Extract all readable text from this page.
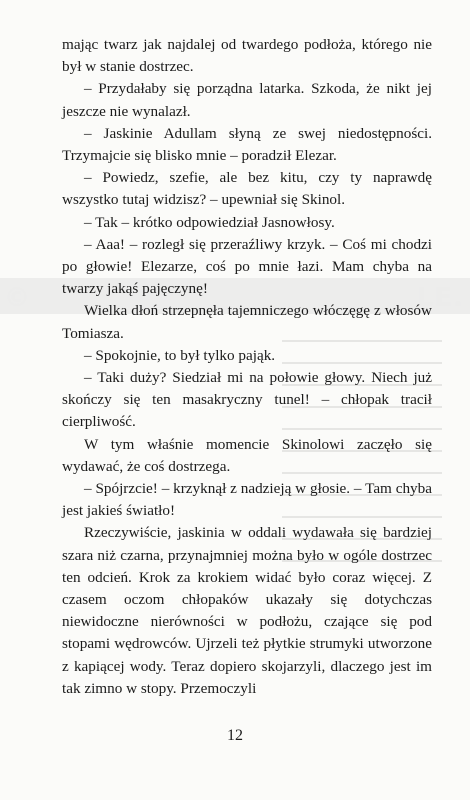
©	LE.

mając twarz jak najdalej od twardego podłoża, którego nie był w stanie dostrzec.

– Przydałaby się porządna latarka. Szkoda, że nikt jej jeszcze nie wynalazł.

– Jaskinie Adullam słyną ze swej niedostępności. Trzymajcie się blisko mnie – poradził Elezar.

– Powiedz, szefie, ale bez kitu, czy ty naprawdę wszystko tutaj widzisz? – upewniał się Skinol.

– Tak – krótko odpowiedział Jasnowłosy.

– Aaa! – rozległ się przeraźliwy krzyk. – Coś mi chodzi po głowie! Elezarze, coś po mnie łazi. Mam chyba na twarzy jakąś pajęczynę!

Wielka dłoń strzepnęła tajemniczego włóczęgę z włosów Tomiasza.

– Spokojnie, to był tylko pająk.

– Taki duży? Siedział mi na połowie głowy. Niech już skończy się ten masakryczny tunel! – chłopak tracił cierpliwość.

W tym właśnie momencie Skinolowi zaczęło się wydawać, że coś dostrzega.

– Spójrzcie! – krzyknął z nadzieją w głosie. – Tam chyba jest jakieś światło!

Rzeczywiście, jaskinia w oddali wydawała się bardziej szara niż czarna, przynajmniej można było w ogóle dostrzec ten odcień. Krok za krokiem widać było coraz więcej. Z czasem oczom chłopaków ukazały się dotychczas niewidoczne nierówności w podłożu, czające się pod stopami wędrowców. Ujrzeli też płytkie strumyki utworzone z kapiącej wody. Teraz dopiero skojarzyli, dlaczego jest im tak zimno w stopy. Przemoczyli

12
